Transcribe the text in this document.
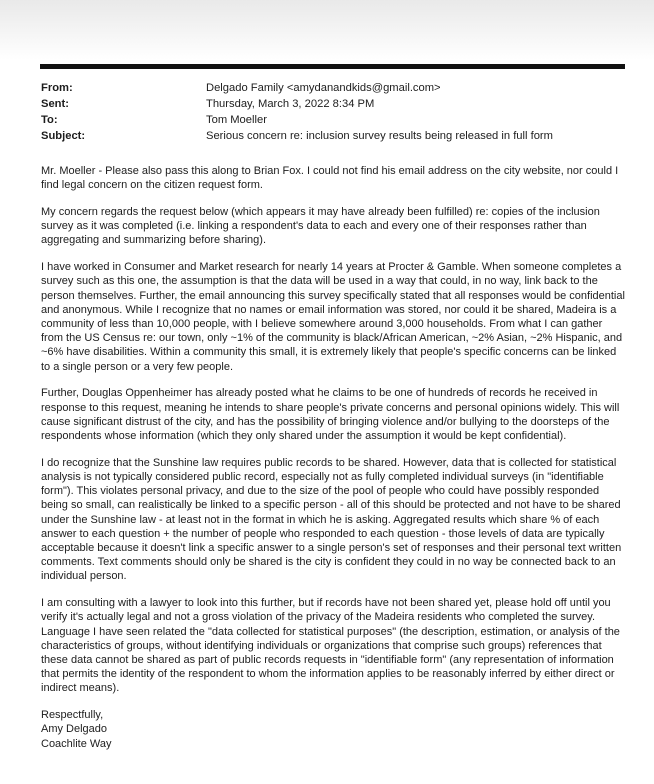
From:	Delgado Family <amydanandkids@gmail.com>
Sent:	Thursday, March 3, 2022 8:34 PM
To:	Tom Moeller
Subject:	Serious concern re: inclusion survey results being released in full form

Mr. Moeller - Please also pass this along to Brian Fox. I could not find his email address on the city website, nor could I find legal concern on the citizen request form.

My concern regards the request below (which appears it may have already been fulfilled) re: copies of the inclusion survey as it was completed (i.e. linking a respondent's data to each and every one of their responses rather than aggregating and summarizing before sharing).

I have worked in Consumer and Market research for nearly 14 years at Procter & Gamble. When someone completes a survey such as this one, the assumption is that the data will be used in a way that could, in no way, link back to the person themselves. Further, the email announcing this survey specifically stated that all responses would be confidential and anonymous. While I recognize that no names or email information was stored, nor could it be shared, Madeira is a community of less than 10,000 people, with I believe somewhere around 3,000 households. From what I can gather from the US Census re: our town, only ~1% of the community is black/African American, ~2% Asian, ~2% Hispanic, and ~6% have disabilities. Within a community this small, it is extremely likely that people's specific concerns can be linked to a single person or a very few people.

Further, Douglas Oppenheimer has already posted what he claims to be one of hundreds of records he received in response to this request, meaning he intends to share people's private concerns and personal opinions widely. This will cause significant distrust of the city, and has the possibility of bringing violence and/or bullying to the doorsteps of the respondents whose information (which they only shared under the assumption it would be kept confidential).

I do recognize that the Sunshine law requires public records to be shared. However, data that is collected for statistical analysis is not typically considered public record, especially not as fully completed individual surveys (in "identifiable form"). This violates personal privacy, and due to the size of the pool of people who could have possibly responded being so small, can realistically be linked to a specific person - all of this should be protected and not have to be shared under the Sunshine law - at least not in the format in which he is asking. Aggregated results which share % of each answer to each question + the number of people who responded to each question - those levels of data are typically acceptable because it doesn't link a specific answer to a single person's set of responses and their personal text written comments. Text comments should only be shared is the city is confident they could in no way be connected back to an individual person.

I am consulting with a lawyer to look into this further, but if records have not been shared yet, please hold off until you verify it's actually legal and not a gross violation of the privacy of the Madeira residents who completed the survey. Language I have seen related the "data collected for statistical purposes" (the description, estimation, or analysis of the characteristics of groups, without identifying individuals or organizations that comprise such groups) references that these data cannot be shared as part of public records requests in "identifiable form" (any representation of information that permits the identity of the respondent to whom the information applies to be reasonably inferred by either direct or indirect means).

Respectfully,
Amy Delgado
Coachlite Way
